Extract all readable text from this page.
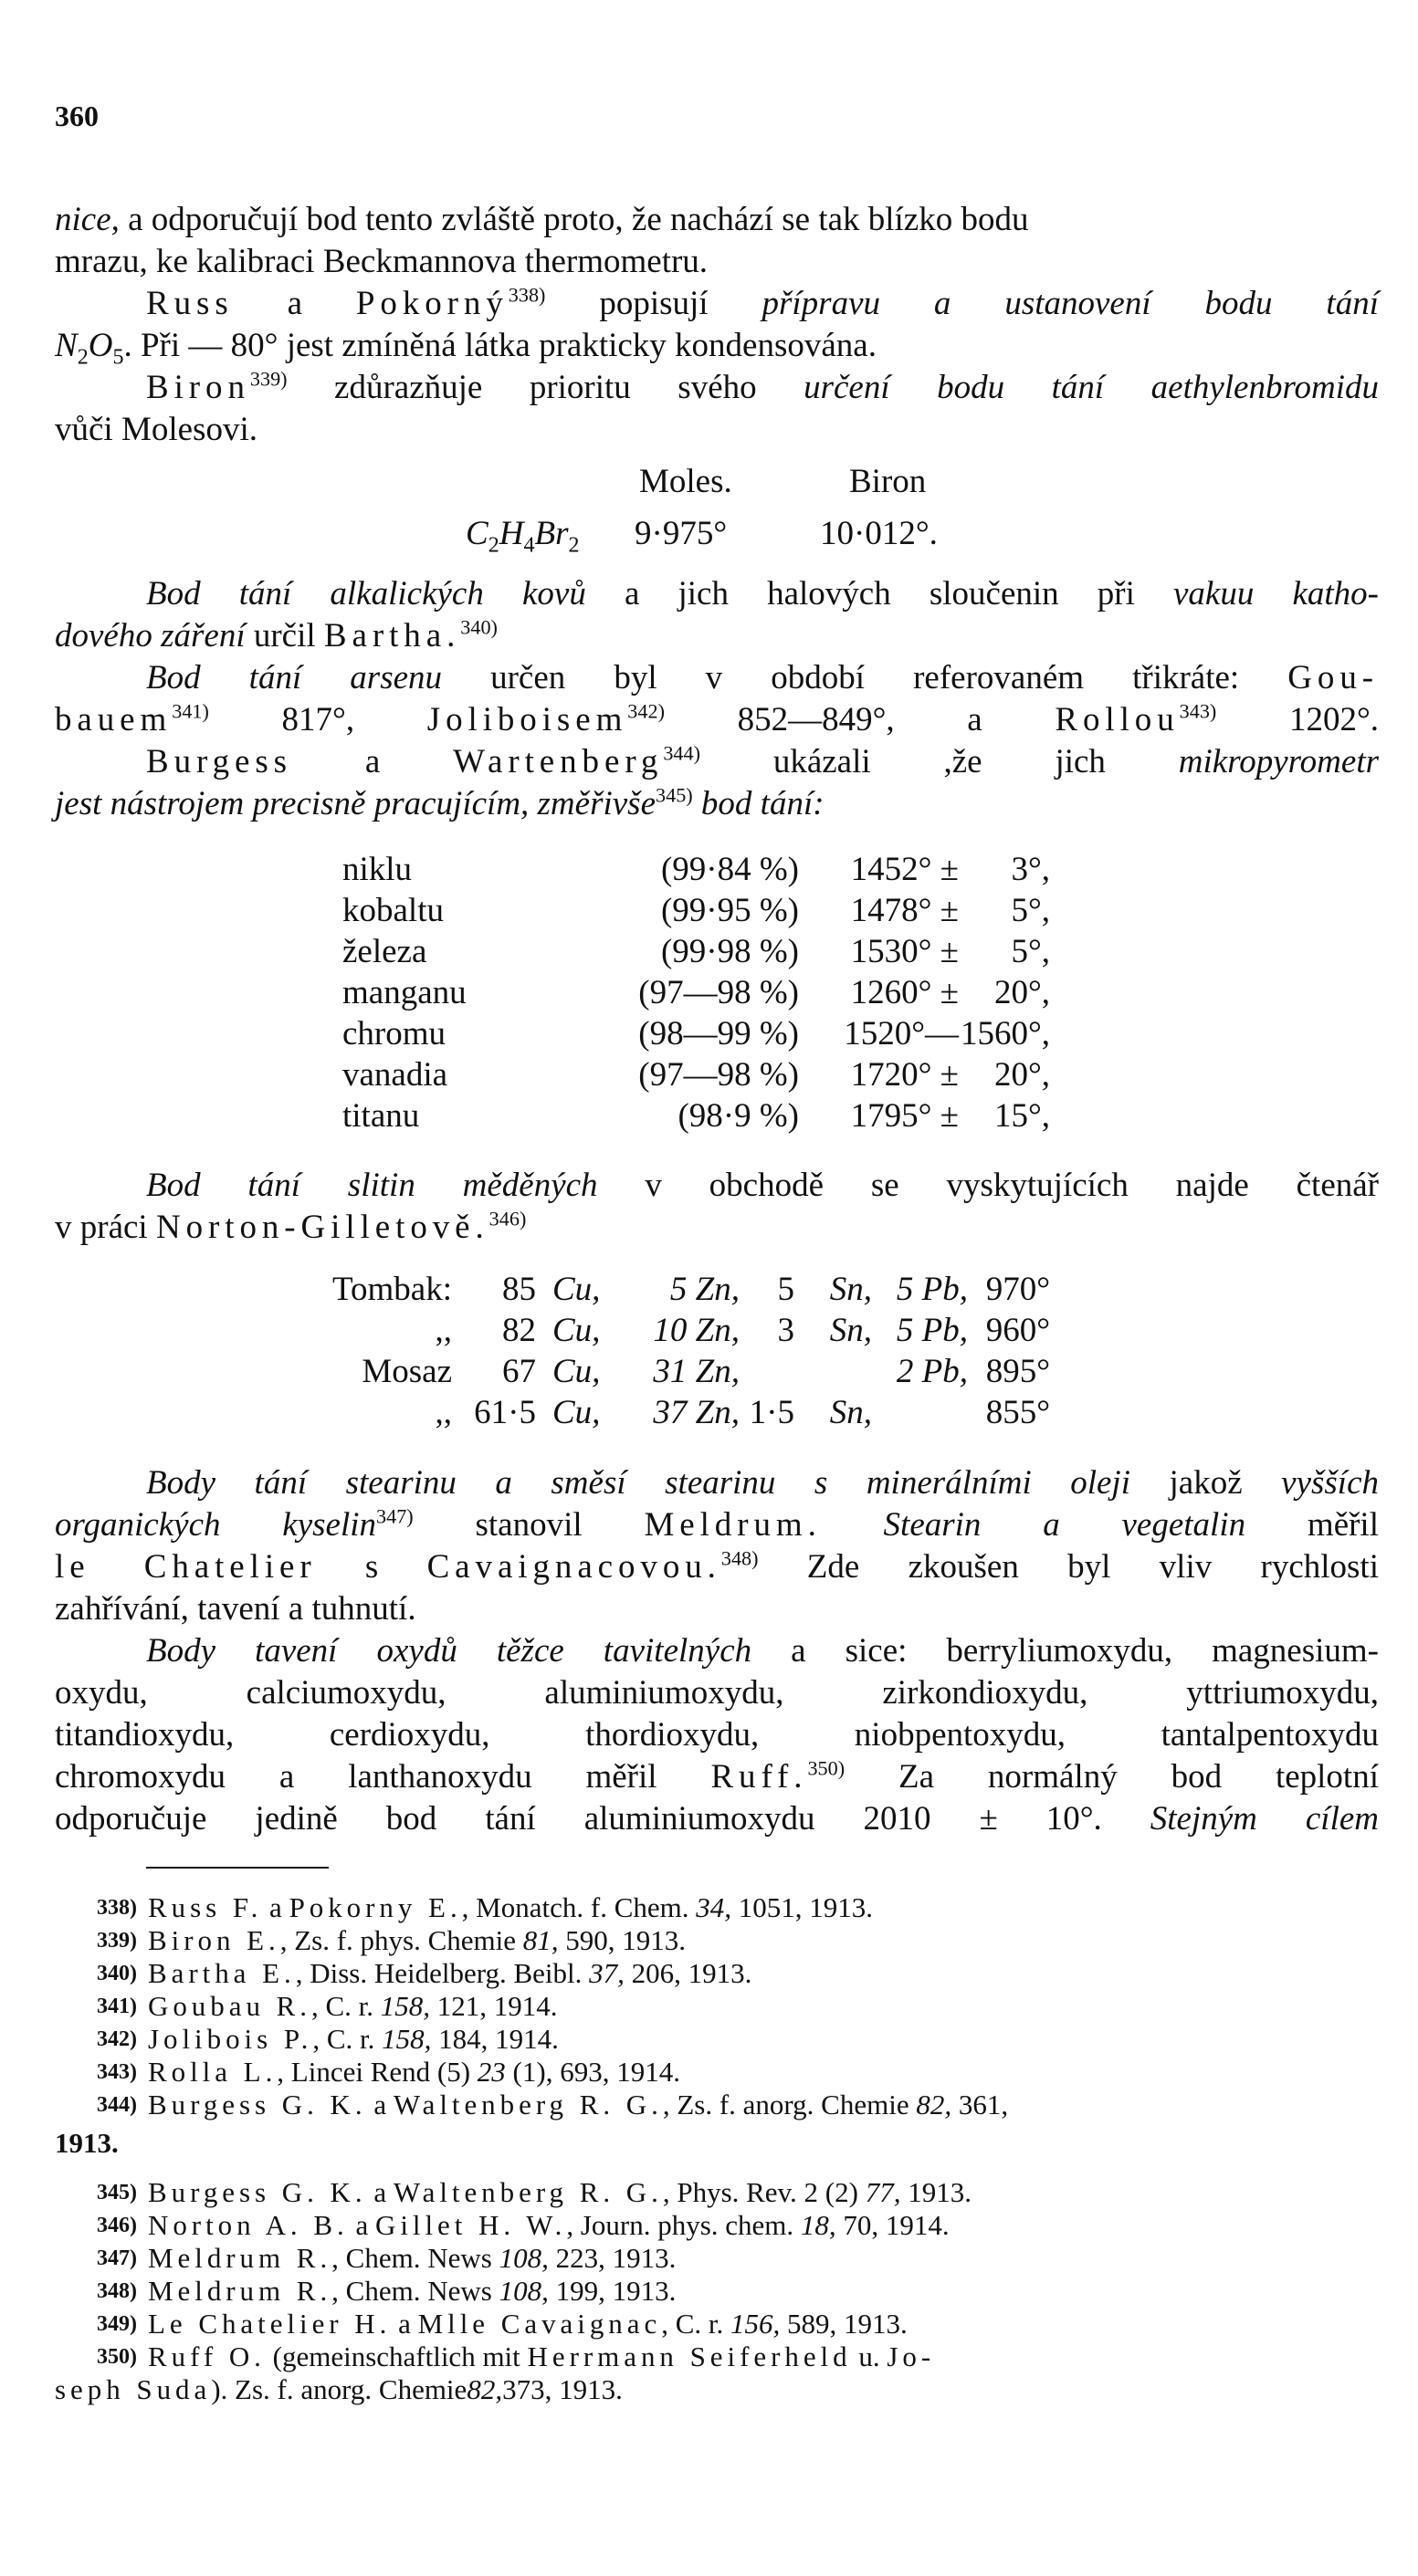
360
nice, a odporučují bod tento zvláště proto, že nachází se tak blízko bodu
mrazu, ke kalibraci Beckmannova thermometru.
Russ a Pokorný$^{338)}$ popisují přípravu a ustanovení bodu tání
$N_2O_5$. Při — 80° jest zmíněná látka prakticky kondensována.
Biron$^{339)}$ zdůrazňuje prioritu svého určení bodu tání aethylenbromidu
vůči Molesovi.
Moles.	Biron
$C_2H_4Br_2$ 9·975°	10·012°.
Bod tání alkalických kovů a jich halových sloučenin při vakuu katho-
dového záření určil Bartha.$^{340)}$
Bod tání arsenu určen byl v období referovaném třikráte: Gou-
bauem$^{341)}$ 817°, Joliboisem$^{342)}$ 852—849°, a Rollou$^{343)}$ 1202°.
Burgess a Wartenberg$^{344)}$ ukázali ,že jich mikropyrometr
jest nástrojem precisně pracujícím, změřivše$^{345)}$ bod tání:
niklu	(99·84 %)	1452° ±	3°,
kobaltu	(99·95 %)	1478° ±	5°,
železa	(99·98 %)	1530° ±	5°,
manganu	(97—98 %)	1260° ±	20°,
chromu	(98—99 %)	1520°— 1560°,
vanadia	(97—98 %)	1720° ±	20°,
titanu	(98·9 %)	1795° ±	15°,
Bod tání slitin měděných v obchodě se vyskytujících najde čtenář
v práci Norton-Gilletově.$^{346)}$
Tombak:	85 Cu,	5 Zn,	5	Sn, 5 Pb, 970°
,,	82 Cu,	10 Zn,	3	Sn, 5 Pb, 960°
Mosaz	67 Cu,	31 Zn,	2 Pb, 895°
,, 61·5 Cu,	37 Zn, 1·5	Sn,	855°
Body tání stearinu a směsí stearinu s minerálními oleji jakož vyšších
organických kyselin$^{347)}$ stanovil Meldrum. Stearin a vegetalin měřil
le Chatelier s Cavaignacovou.$^{348)}$ Zde zkoušen byl vliv rychlosti
zahřívání, tavení a tuhnutí.
Body tavení oxydů těžce tavitelných a sice: berryliumoxydu, magnesium-
oxydu, calciumoxydu, aluminiumoxydu, zirkondioxydu, yttriumoxydu,
titandioxydu, cerdioxydu, thordioxydu, niobpentoxydu, tantalpentoxydu
chromoxydu a lanthanoxydu měřil Ruff.$^{350)}$ Za normálný bod teplotní
odporučuje jedině bod tání aluminiumoxydu 2010 ± 10°. Stejným cílem
338) Russ F. a Pokorny E., Monatch. f. Chem. 34, 1051, 1913.
339) Biron E., Zs. f. phys. Chemie 81, 590, 1913.
340) Bartha E., Diss. Heidelberg. Beibl. 37, 206, 1913.
341) Goubau R., C. r. 158, 121, 1914.
342) Jolibois P., C. r. 158, 184, 1914.
343) Rolla L., Lincei Rend (5) 23 (1), 693, 1914.
344) Burgess G. K. a Waltenberg R. G., Zs. f. anorg. Chemie 82, 361,
1913.
345) Burgess G. K. a Waltenberg R. G., Phys. Rev. 2 (2) 77, 1913.
346) Norton A. B. a Gillet H. W., Journ. phys. chem. 18, 70, 1914.
347) Meldrum R., Chem. News 108, 223, 1913.
348) Meldrum R., Chem. News 108, 199, 1913.
349) Le Chatelier H. a Mlle Cavaignac, C. r. 156, 589, 1913.
350) Ruff O. (gemeinschaftlich mit Herrmann Seiferheld u. Jo-
seph Suda ). Zs. f. anorg. Chemie 82, 373, 1913.
